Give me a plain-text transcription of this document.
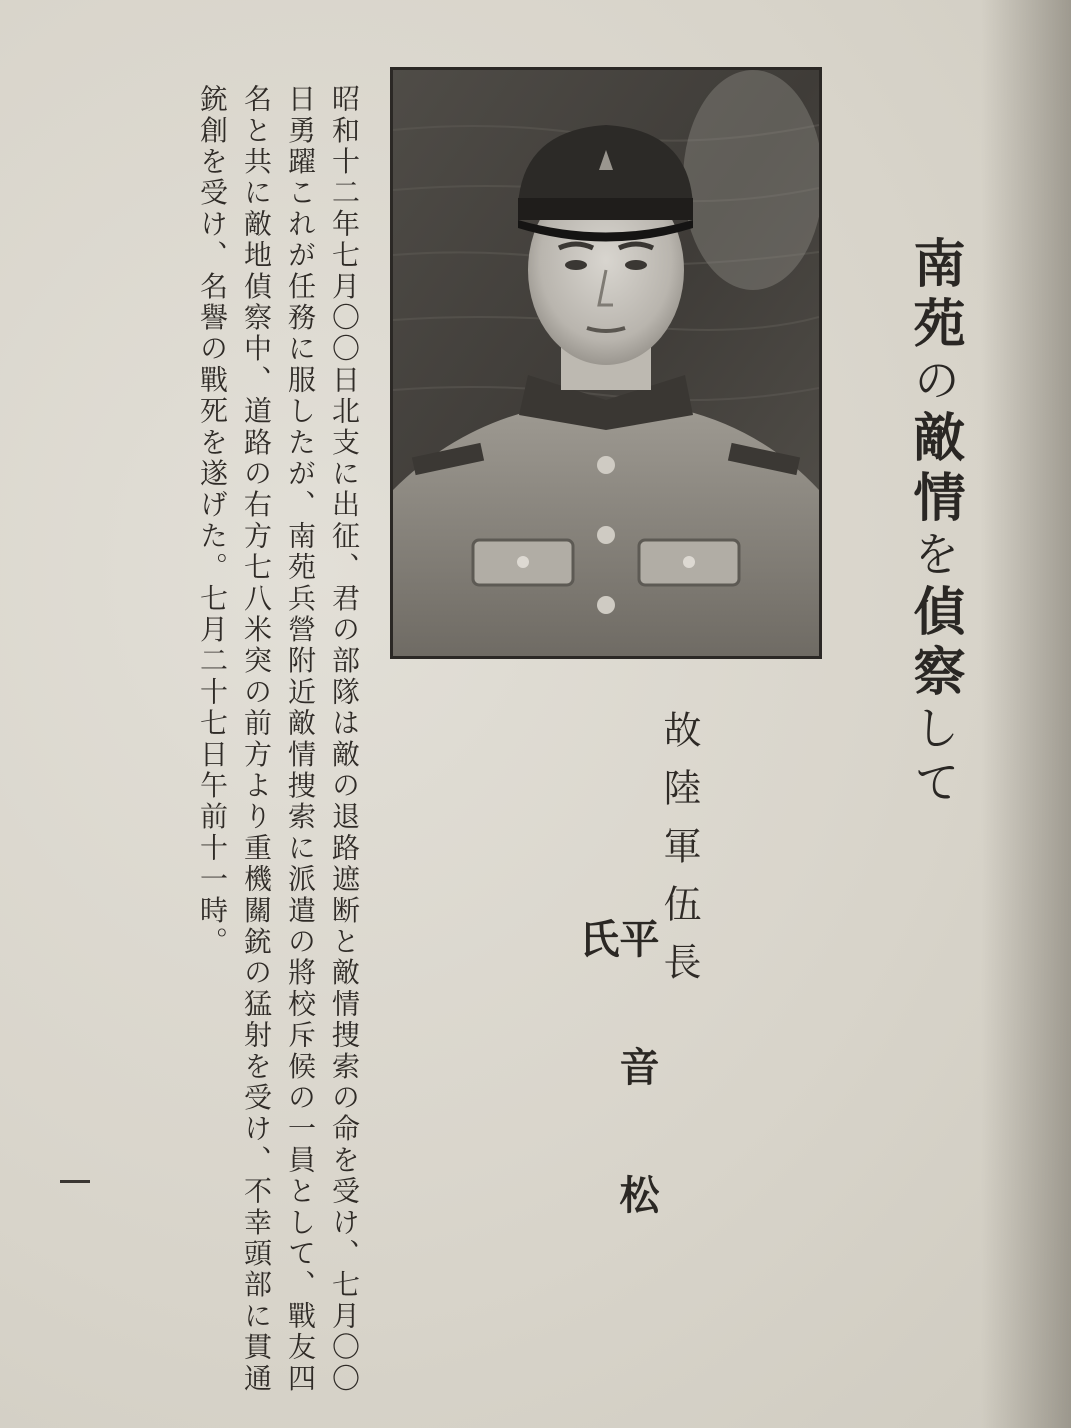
南苑の敵情を偵察して
故陸軍伍長
平音松氏

昭和十二年七月〇〇日北支に出征、君の部隊は敵の退路遮断と敵情捜索の命を受け、七月〇〇日勇躍これが任務に服したが、南苑兵營附近敵情捜索に派遣の將校斥候の一員として、戰友四名と共に敵地偵察中、道路の右方七八米突の前方より重機關銃の猛射を受け、不幸頭部に貫通銃創を受け、名譽の戰死を遂げた。七月二十七日午前十一時。
